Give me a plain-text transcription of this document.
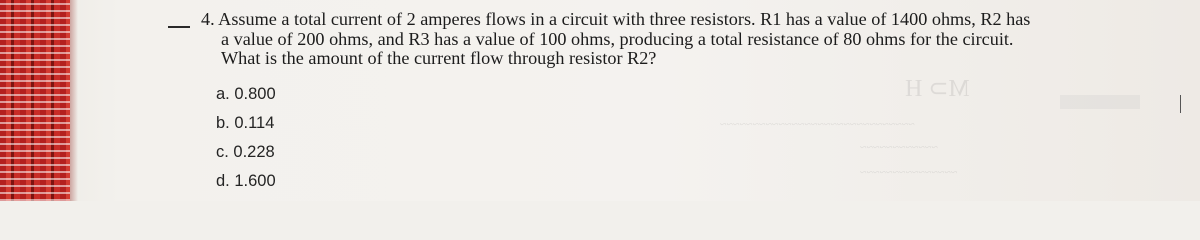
M⊃ H
~~~~~~~~~~~~~~~~~~~~~~~~~~~~~~
~~~~~~~~~~~~
~~~~~~~~~~~~~~~
4. Assume a total current of 2 amperes flows in a circuit with three resistors. R1 has a value of 1400 ohms, R2 has
a value of 200 ohms, and R3 has a value of 100 ohms, producing a total resistance of 80 ohms for the circuit.
What is the amount of the current flow through resistor R2?
a. 0.800
b. 0.114
c. 0.228
d. 1.600
